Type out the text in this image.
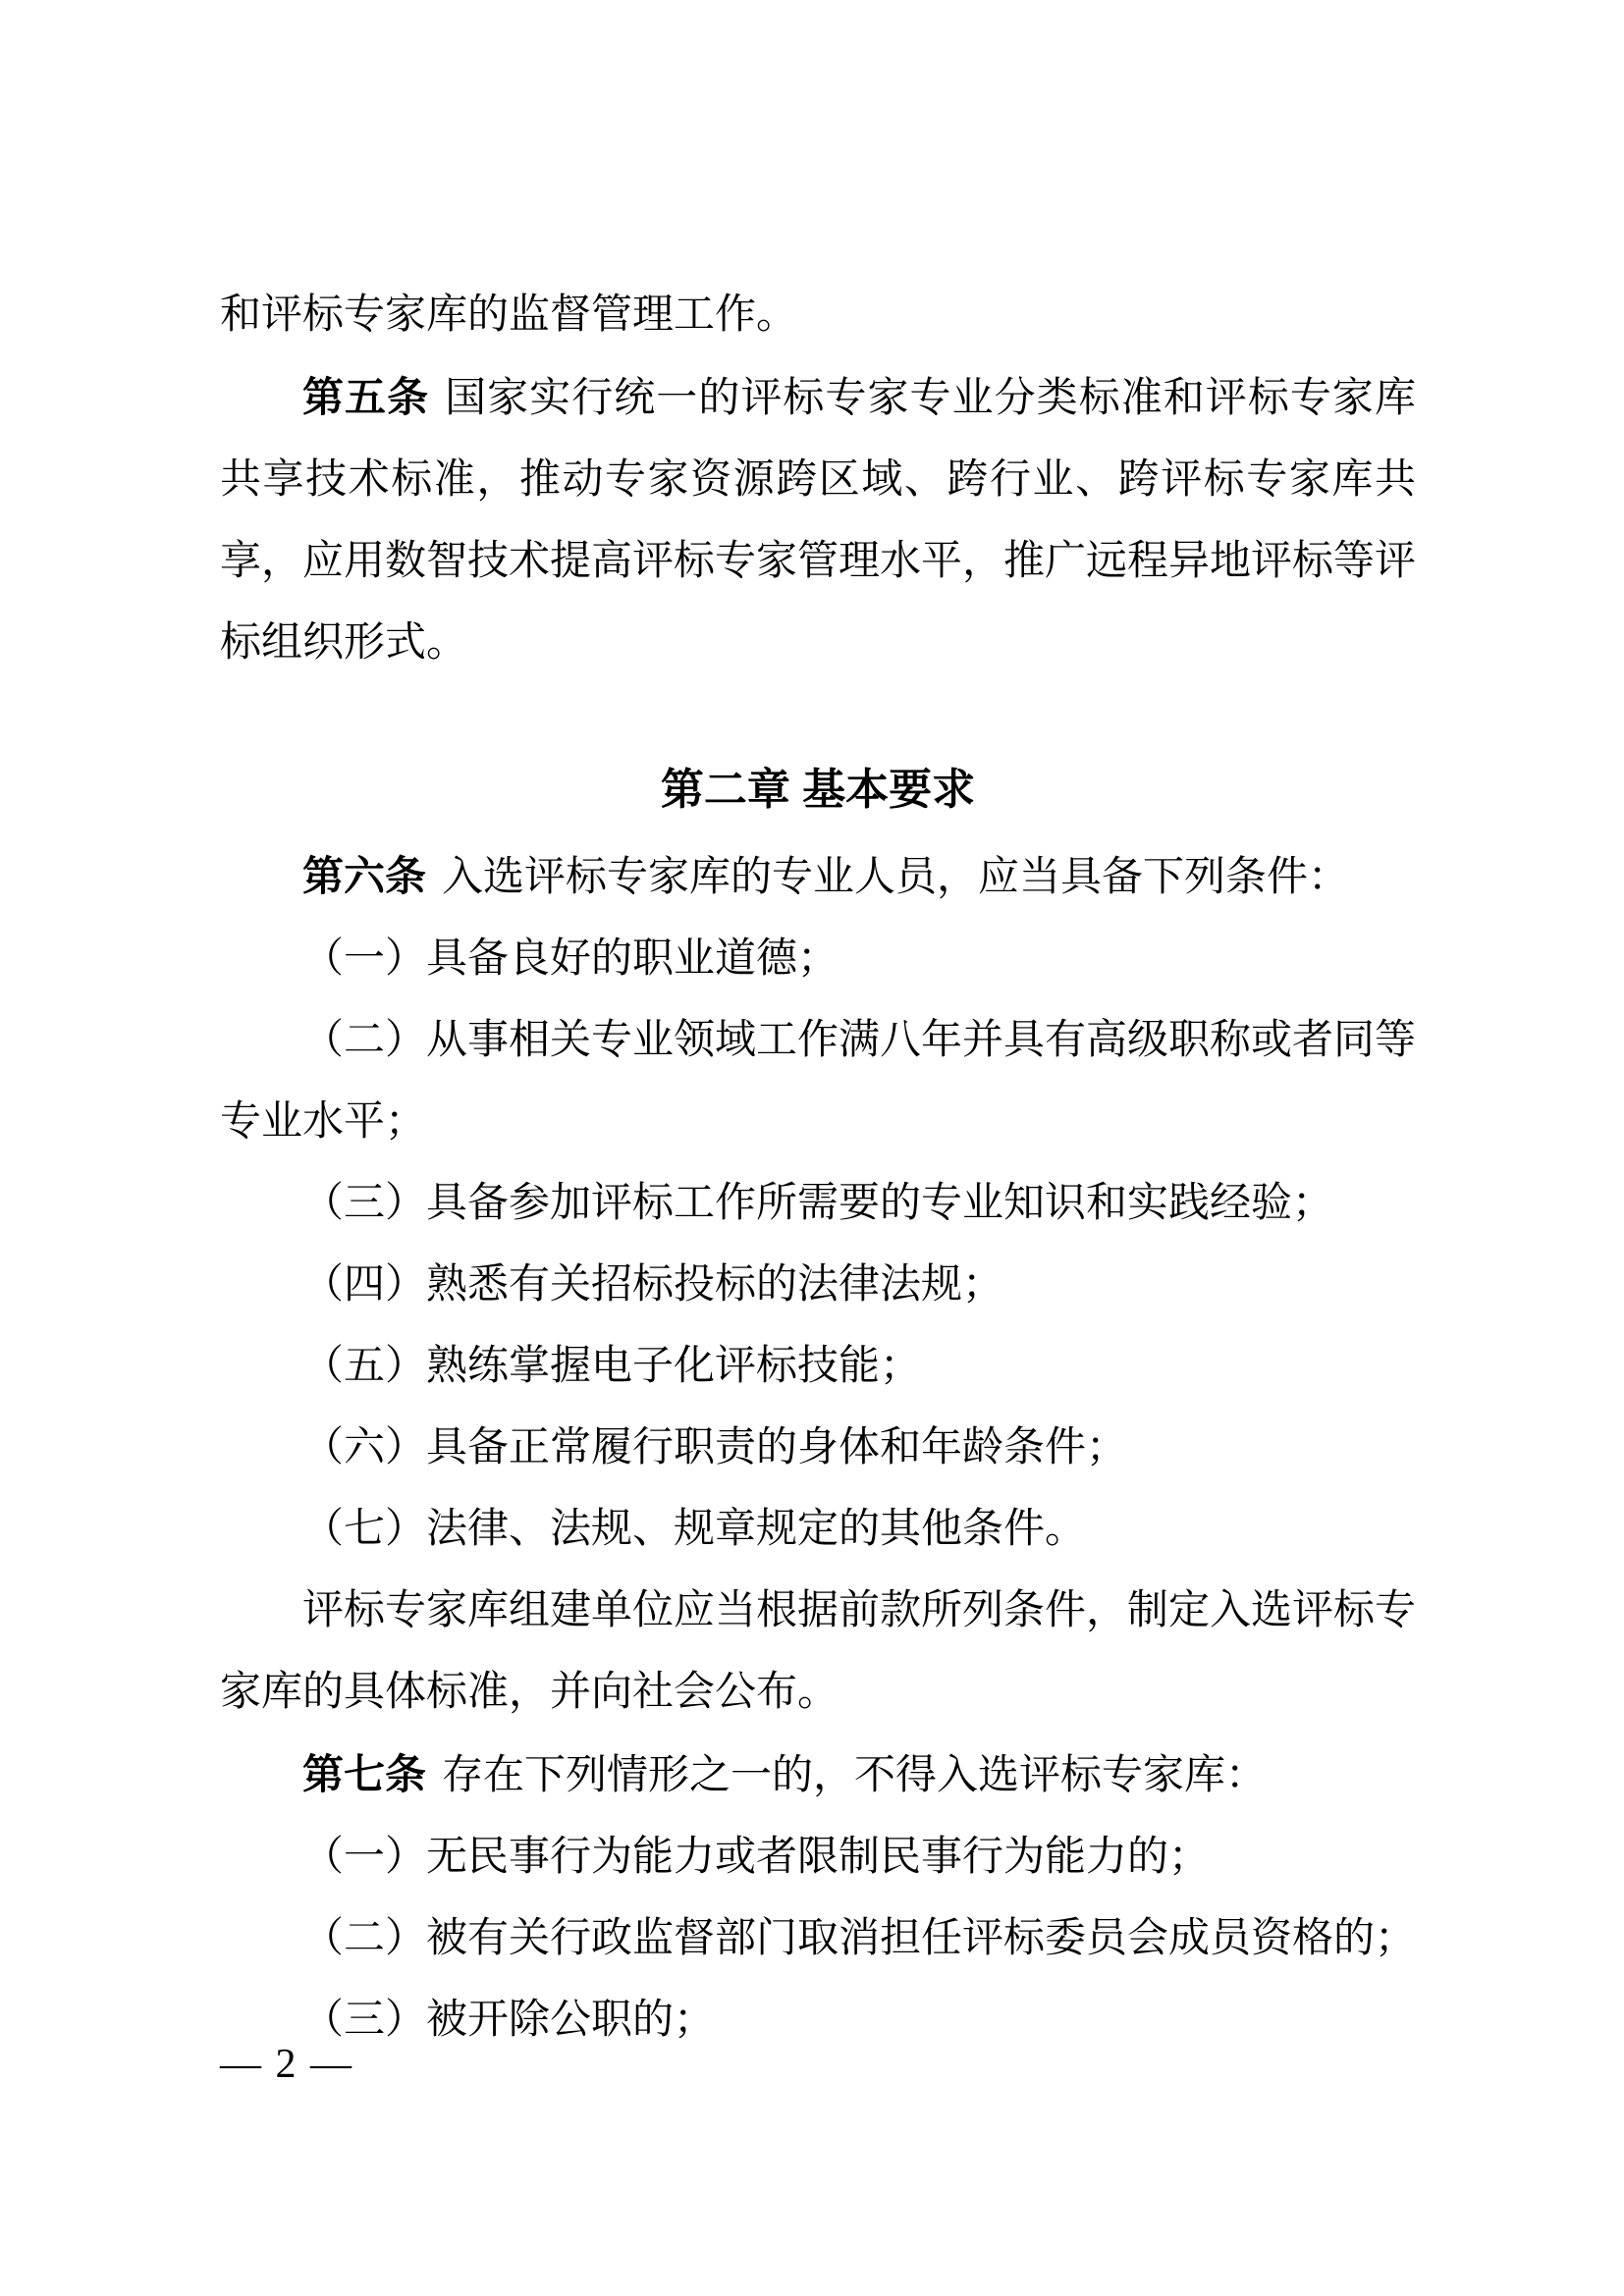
和评标专家库的监督管理工作。

第五条 国家实行统一的评标专家专业分类标准和评标专家库共享技术标准，推动专家资源跨区域、跨行业、跨评标专家库共享，应用数智技术提高评标专家管理水平，推广远程异地评标等评标组织形式。

第二章 基本要求

第六条 入选评标专家库的专业人员，应当具备下列条件：

（一）具备良好的职业道德；

（二）从事相关专业领域工作满八年并具有高级职称或者同等专业水平；

（三）具备参加评标工作所需要的专业知识和实践经验；

（四）熟悉有关招标投标的法律法规；

（五）熟练掌握电子化评标技能；

（六）具备正常履行职责的身体和年龄条件；

（七）法律、法规、规章规定的其他条件。

评标专家库组建单位应当根据前款所列条件，制定入选评标专家库的具体标准，并向社会公布。

第七条 存在下列情形之一的，不得入选评标专家库：

（一）无民事行为能力或者限制民事行为能力的；

（二）被有关行政监督部门取消担任评标委员会成员资格的；

（三）被开除公职的；

— 2 —
